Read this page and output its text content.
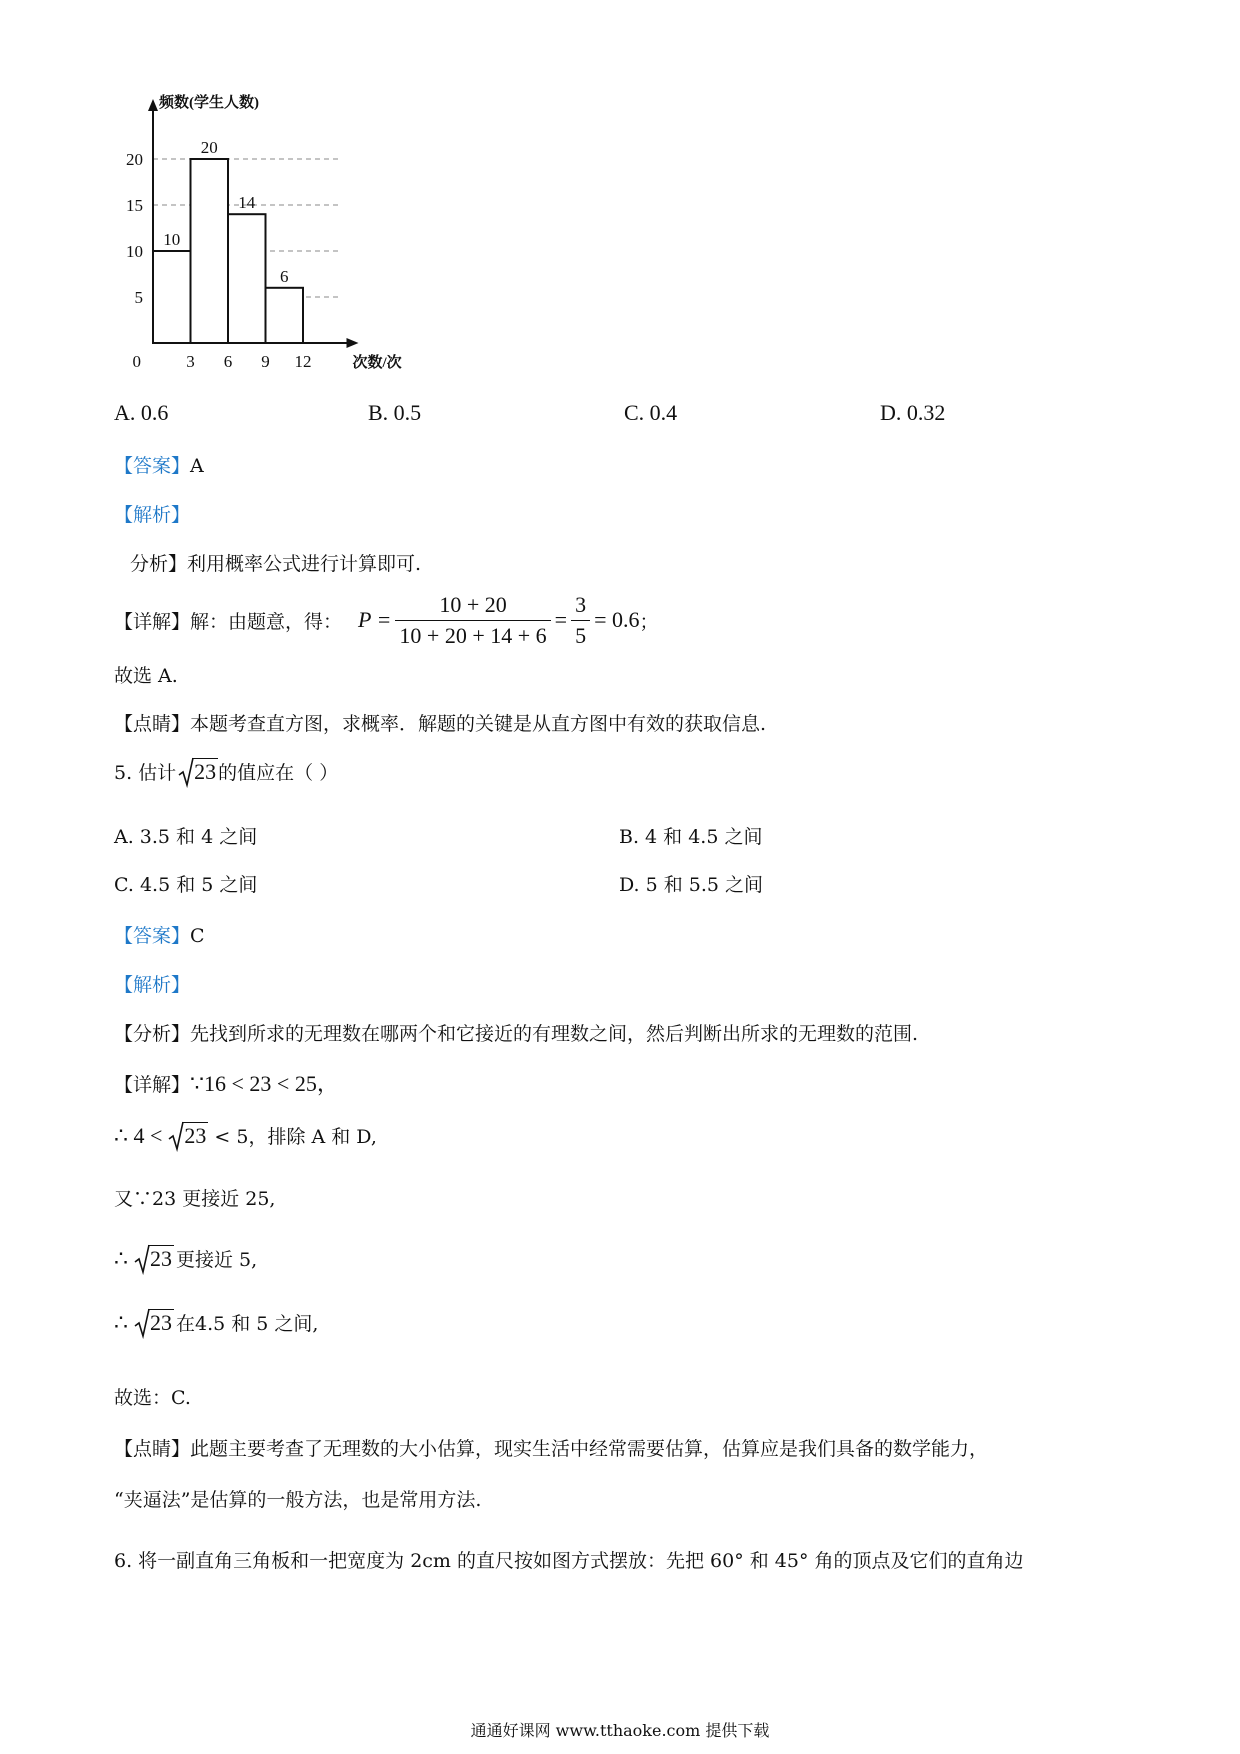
10
20
14
6
5
10
15
20
0	3 6 9 12
频数(学生人数)
次数/次
A. 0.6	B. 0.5	C. 0.4	D. 0.32
【答案】A
【解析】
分析】利用概率公式进行计算即可.
【详解】解：由题意，得： $P = \frac{10 + 20}{10 + 20 + 14 + 6} = \frac{3}{5} = 0.6$ ；
故选 A.
【点睛】本题考查直方图，求概率．解题的关键是从直方图中有效的获取信息.
5. 估计 23 的值应在（ ）
A. 3.5 和 4 之间	B. 4 和 4.5 之间
C. 4.5 和 5 之间	D. 5 和 5.5 之间
【答案】C
【解析】
【分析】先找到所求的无理数在哪两个和它接近的有理数之间，然后判断出所求的无理数的范围.
【详解】∵16 < 23 < 25，
∴ 4 <	23 < 5，排除 A 和 D,
又∵23 更接近 25,
∴	23 更接近 5,
∴	23 在4.5 和 5 之间,
故选：C.
【点睛】此题主要考查了无理数的大小估算，现实生活中经常需要估算，估算应是我们具备的数学能力，
“夹逼法”是估算的一般方法，也是常用方法.
6. 将一副直角三角板和一把宽度为 2cm 的直尺按如图方式摆放：先把 60° 和 45° 角的顶点及它们的直角边
通通好课网 www.tthaoke.com 提供下载
